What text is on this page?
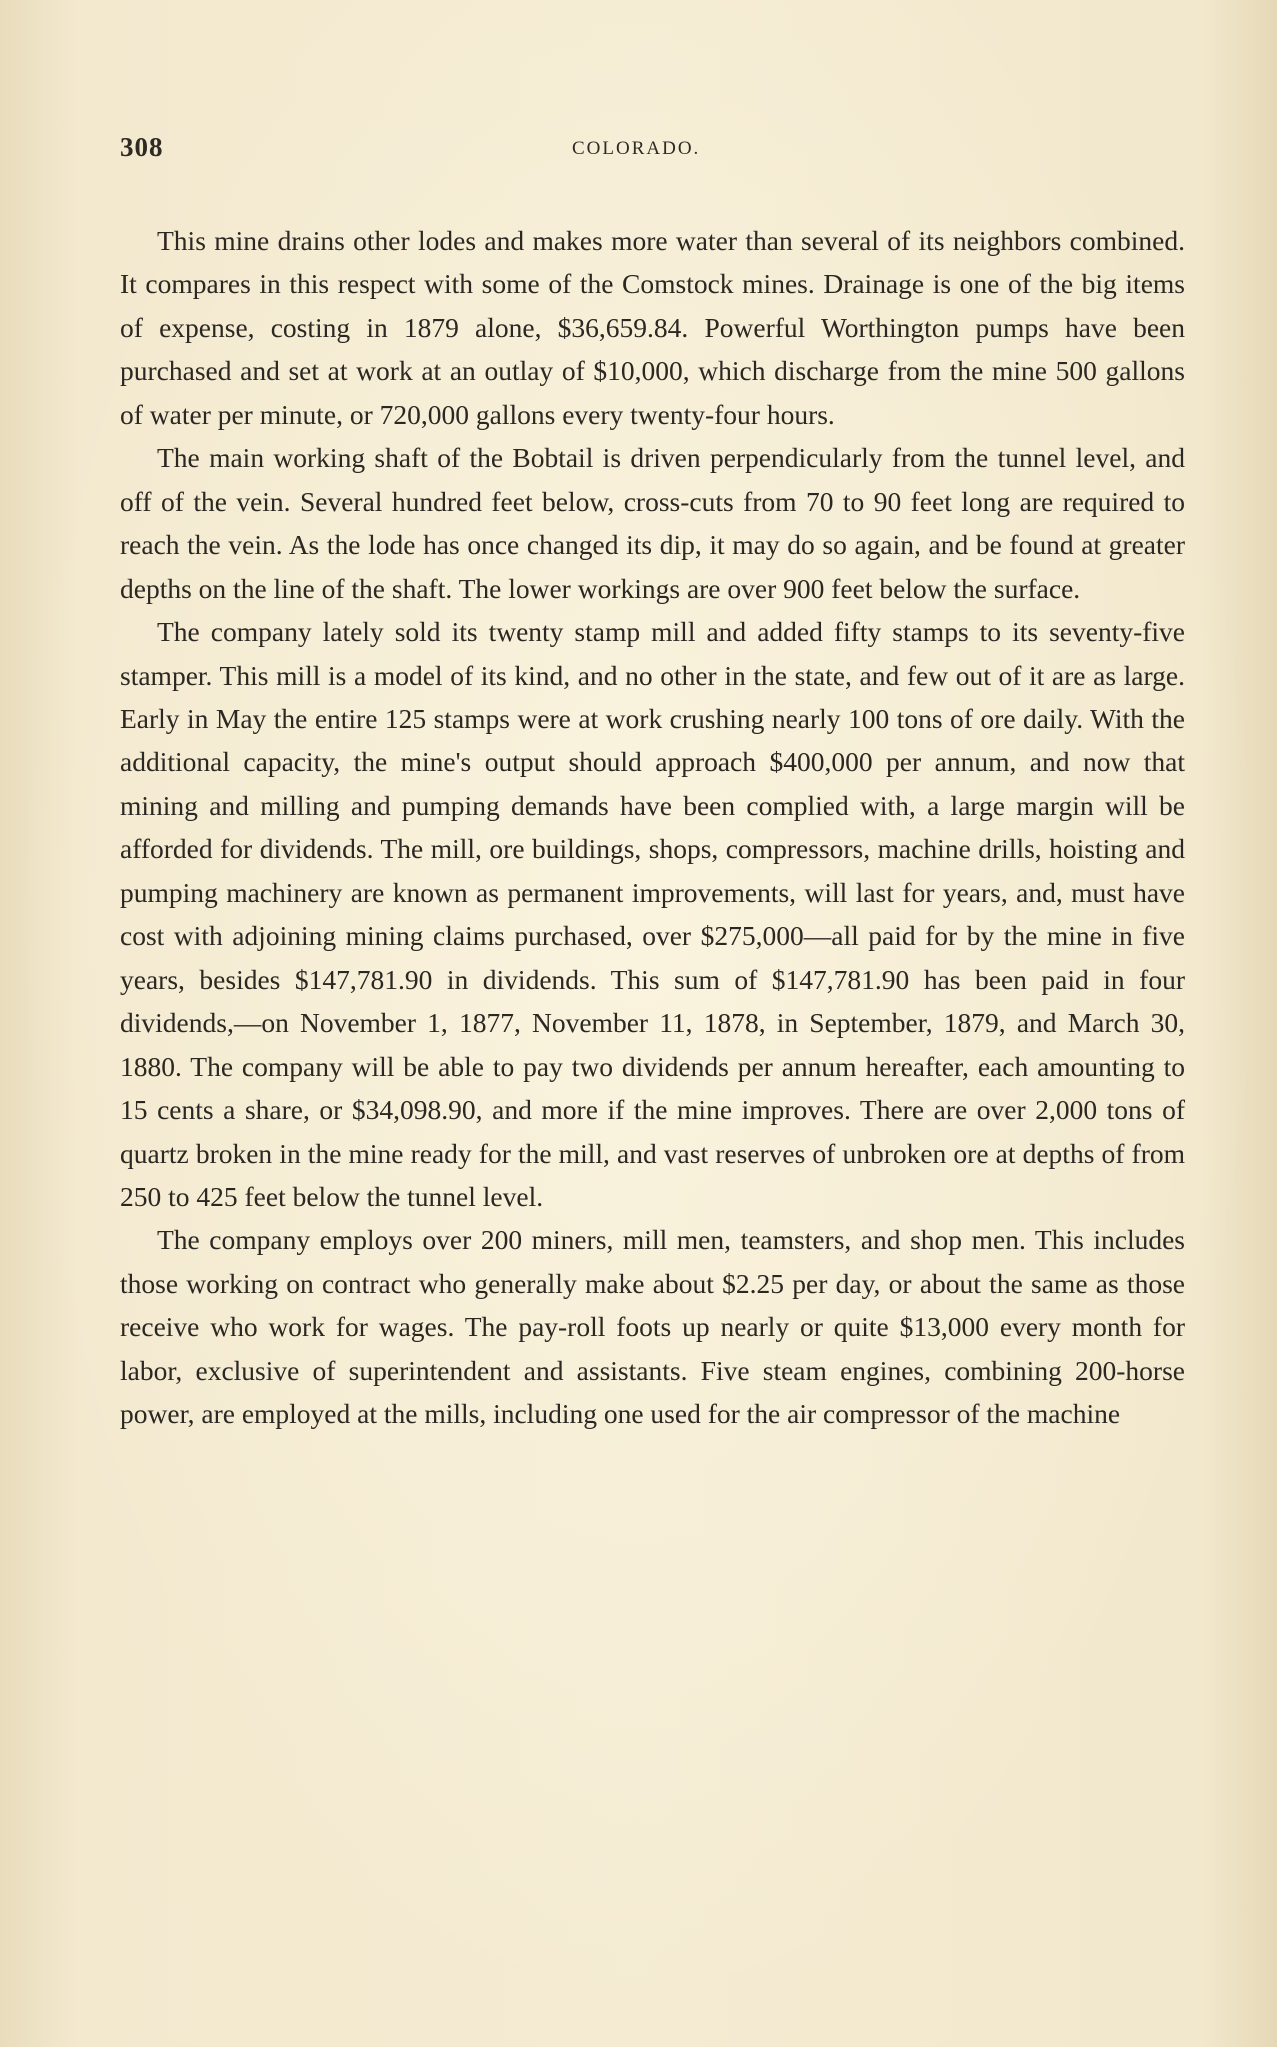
308	COLORADO.

This mine drains other lodes and makes more water than several of its neighbors combined. It compares in this respect with some of the Comstock mines. Drainage is one of the big items of expense, costing in 1879 alone, $36,659.84. Powerful Worthington pumps have been purchased and set at work at an outlay of $10,000, which discharge from the mine 500 gallons of water per minute, or 720,000 gallons every twenty-four hours.

The main working shaft of the Bobtail is driven perpendicularly from the tunnel level, and off of the vein. Several hundred feet below, cross-cuts from 70 to 90 feet long are required to reach the vein. As the lode has once changed its dip, it may do so again, and be found at greater depths on the line of the shaft. The lower workings are over 900 feet below the surface.

The company lately sold its twenty stamp mill and added fifty stamps to its seventy-five stamper. This mill is a model of its kind, and no other in the state, and few out of it are as large. Early in May the entire 125 stamps were at work crushing nearly 100 tons of ore daily. With the additional capacity, the mine's output should approach $400,000 per annum, and now that mining and milling and pumping demands have been complied with, a large margin will be afforded for dividends. The mill, ore buildings, shops, compressors, machine drills, hoisting and pumping machinery are known as permanent improvements, will last for years, and, must have cost with adjoining mining claims purchased, over $275,000—all paid for by the mine in five years, besides $147,781.90 in dividends. This sum of $147,781.90 has been paid in four dividends,—on November 1, 1877, November 11, 1878, in September, 1879, and March 30, 1880. The company will be able to pay two dividends per annum hereafter, each amounting to 15 cents a share, or $34,098.90, and more if the mine improves. There are over 2,000 tons of quartz broken in the mine ready for the mill, and vast reserves of unbroken ore at depths of from 250 to 425 feet below the tunnel level.

The company employs over 200 miners, mill men, teamsters, and shop men. This includes those working on contract who generally make about $2.25 per day, or about the same as those receive who work for wages. The pay-roll foots up nearly or quite $13,000 every month for labor, exclusive of superintendent and assistants. Five steam engines, combining 200-horse power, are employed at the mills, including one used for the air compressor of the machine
